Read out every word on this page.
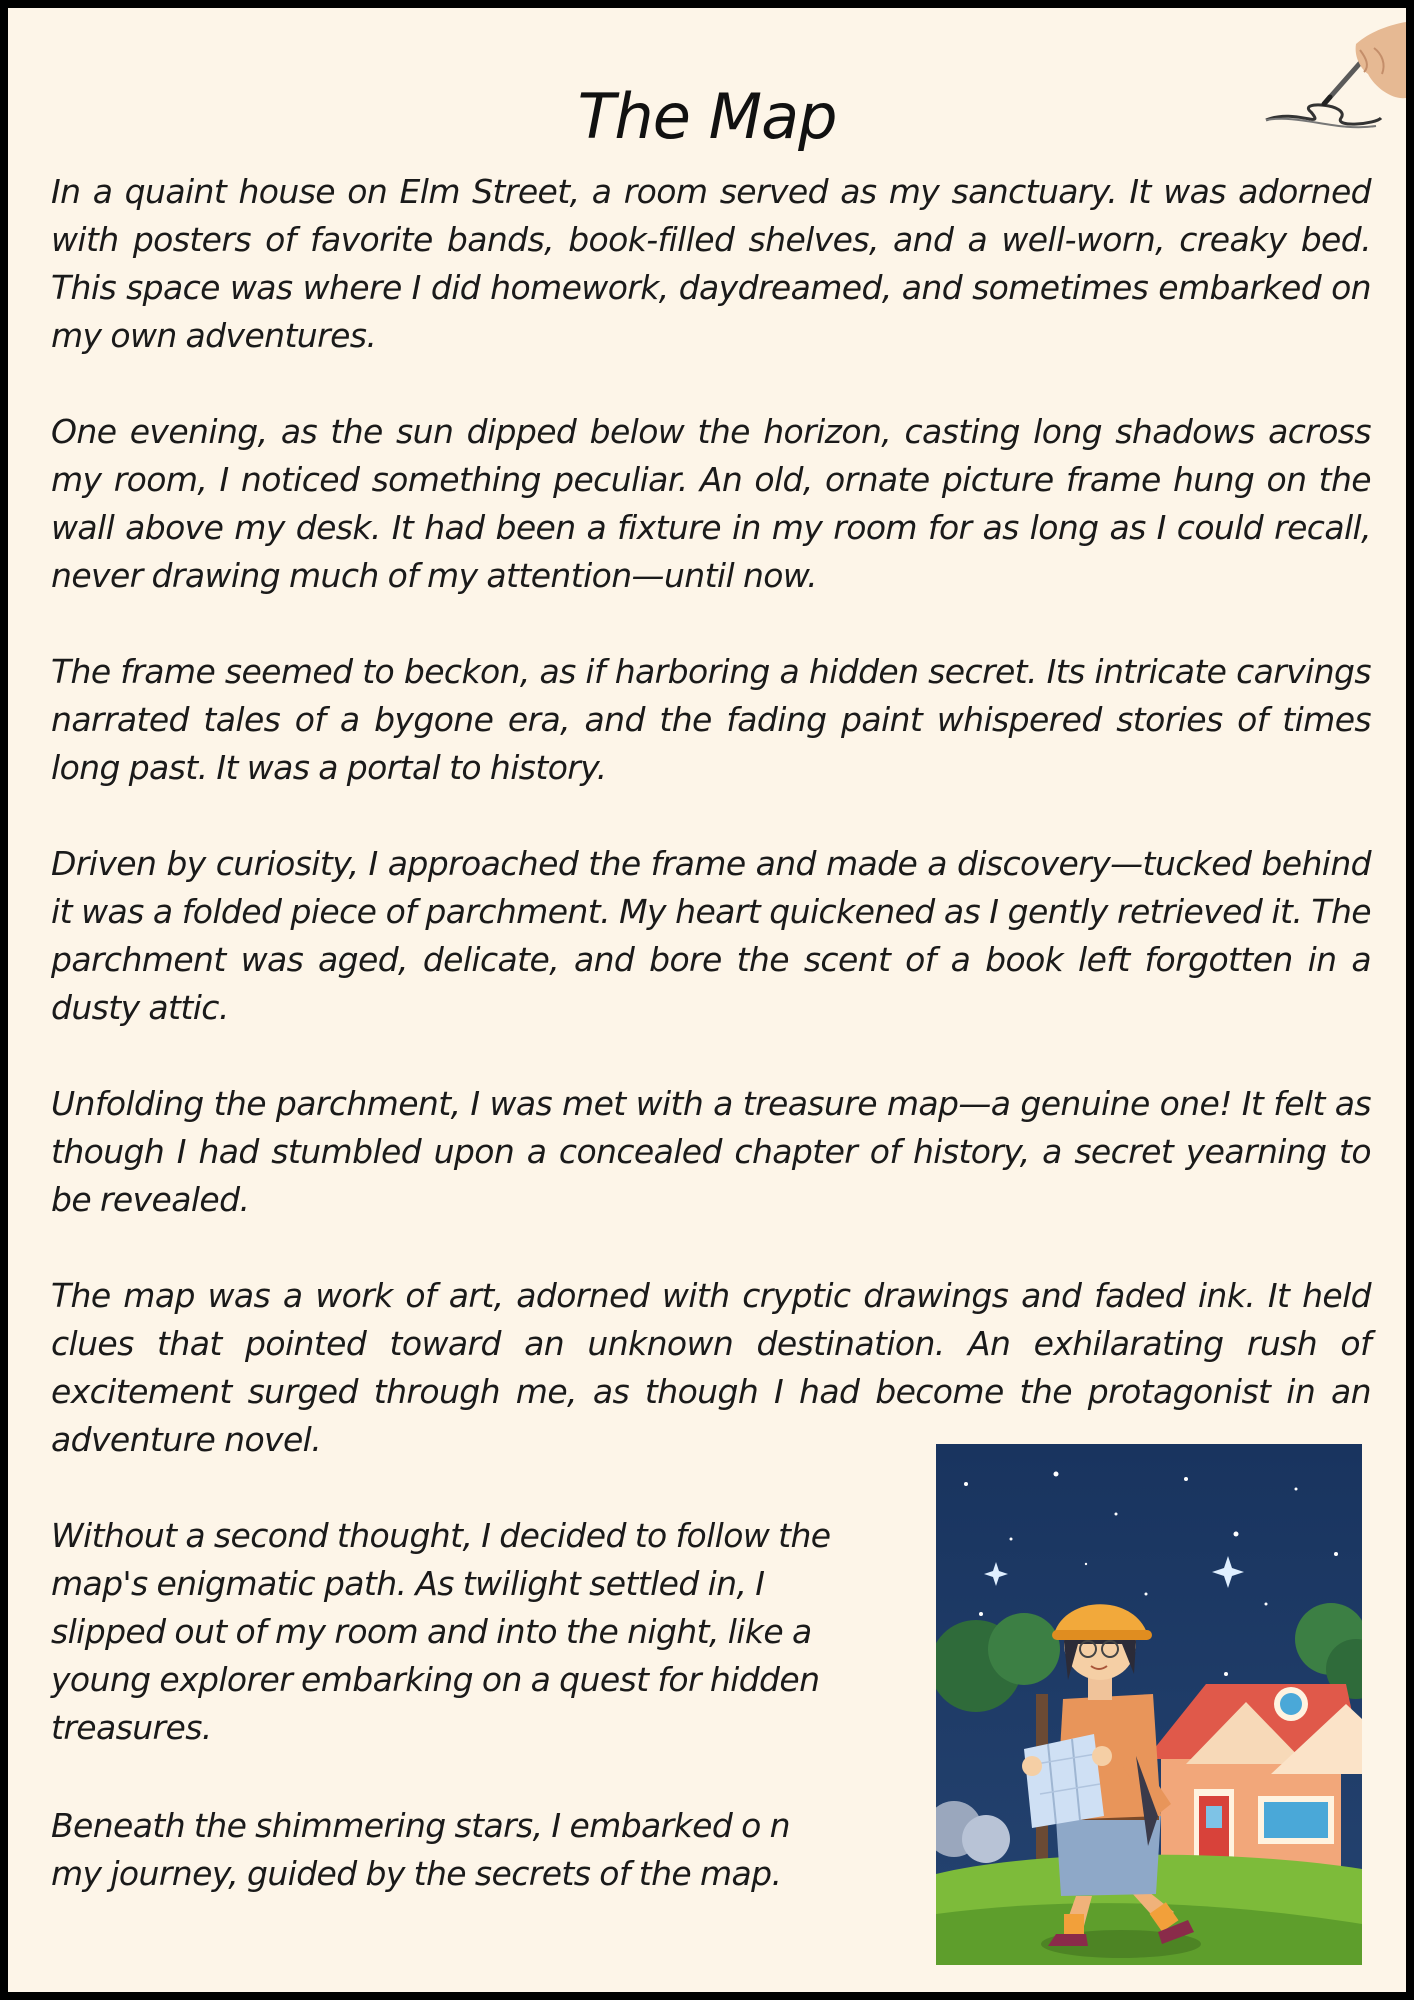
The Map

In a quaint house on Elm Street, a room served as my sanctuary. It was adorned with posters of favorite bands, book-filled shelves, and a well-worn, creaky bed. This space was where I did homework, daydreamed, and sometimes embarked on my own adventures.

One evening, as the sun dipped below the horizon, casting long shadows across my room, I noticed something peculiar. An old, ornate picture frame hung on the wall above my desk. It had been a fixture in my room for as long as I could recall, never drawing much of my attention—until now.

The frame seemed to beckon, as if harboring a hidden secret. Its intricate carvings narrated tales of a bygone era, and the fading paint whispered stories of times long past. It was a portal to history.

Driven by curiosity, I approached the frame and made a discovery—tucked behind it was a folded piece of parchment. My heart quickened as I gently retrieved it. The parchment was aged, delicate, and bore the scent of a book left forgotten in a dusty attic.

Unfolding the parchment, I was met with a treasure map—a genuine one! It felt as though I had stumbled upon a concealed chapter of history, a secret yearning to be revealed.

The map was a work of art, adorned with cryptic drawings and faded ink. It held clues that pointed toward an unknown destination. An exhilarating rush of excitement surged through me, as though I had become the protagonist in an adventure novel.

Without a second thought, I decided to follow the map's enigmatic path. As twilight settled in, I slipped out of my room and into the night, like a young explorer embarking on a quest for hidden treasures.

Beneath the shimmering stars, I embarked o n my journey, guided by the secrets of the map.
